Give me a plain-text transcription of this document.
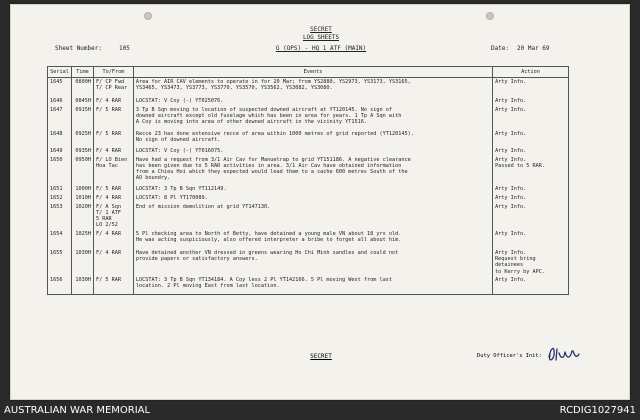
SECRET
LOG SHEETS
Sheet Number:	105	G (OPS) - HQ 1 ATF (MAIN)	Date: 20 Mar 69
Serial	Time	To/From	Events	Action

1645	0800H	F/ CP Fwd
T/ CP Rear	Area for AIR CAV elements to operate in for 20 Mar; from YS2880, YS2973, YS3173, YS3165,
YS3465, YS3473, YS3773, YS3770, YS3570, YS3562, YS3082, YS3080.	Arty Info.

1646	0845H	F/ 4 RAR	LOCSTAT: V Coy (-) YT025076.	Arty Info.

1647	0915H	F/ 5 RAR	3 Tp B Sqn moving to location of suspected downed aircraft at YT120145. No sign of
downed aircraft except old fuselage which has been in area for years. 1 Tp A Sqn with
A Coy is moving into area of other downed aircraft in the vicinity YT1516.	Arty Info.

1648	0925H	F/ 5 RAR	Recce 23 has done extensive recce of area within 1000 metres of grid reported (YT120145).
No sign of downed aircraft.	Arty Info.

1649	0935H	F/ 4 RAR	LOCSTAT: V Coy (-) YT016075.	Arty Info.

1650	0950H	F/ LO Bien
Hoa Tac	Have had a request from 3/1 Air Cav for Manuetrap to grid YT151186. A negative clearance
has been given due to 5 RAR activities in area. 3/1 Air Cav have obtained information
from a Chieu Hoi which they expected would lead them to a cache 600 metres South of the
AO boundry.	Arty Info.
Passed to 5 RAR.

1651	1000H	F/ 5 RAR	LOCSTAT: 3 Tp B Sqn YT112149.	Arty Info.

1652	1010H	F/ 4 RAR	LOCSTAT: 8 Pl YT170089.	Arty Info.

1653	1020H	F/ A Sqn
T/ 1 ATF
5 RAR
LO 2/52	End of mission demolition at grid YT147130.	Arty Info.

1654	1025H	F/ 4 RAR	5 Pl checking area to North of Betty, have detained a young male VN about 18 yrs old.
He was acting suspiciously, also offered interpreter a bribe to forget all about him.	Arty Info.

1655	1030H	F/ 4 RAR	Have detained another VN dressed in greens wearing Ho Chi Minh sandles and could not
provide papers or satisfactory answers.	Arty Info.
Request bring detainees
to Kerry by APC.

1656	1030H	F/ 5 RAR	LOCSTAT: 3 Tp B Sqn YT134184. A Coy less 2 Pl YT142166. 5 Pl moving West from last
location. 2 Pl moving East from last location.	Arty Info.
SECRET	Duty Officer's Init:
AUSTRALIAN WAR MEMORIAL	RCDIG1027941
